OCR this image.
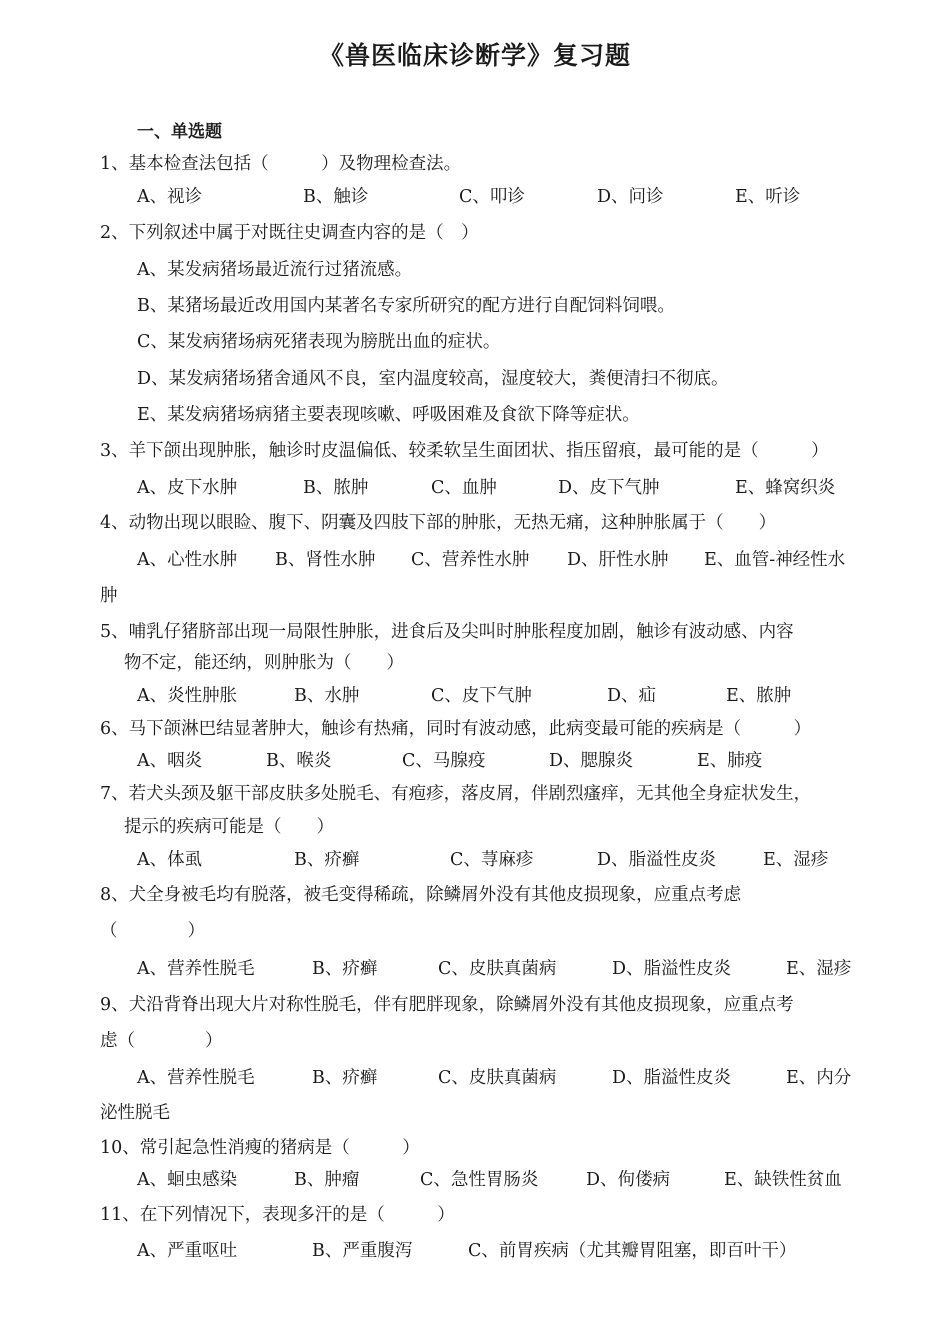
《兽医临床诊断学》复习题
一、单选题
1、基本检查法包括（　　　）及物理检查法。
A、视诊	B、触诊	C、叩诊	D、问诊	E、听诊
2、下列叙述中属于对既往史调查内容的是（　）
A、某发病猪场最近流行过猪流感。
B、某猪场最近改用国内某著名专家所研究的配方进行自配饲料饲喂。
C、某发病猪场病死猪表现为膀胱出血的症状。
D、某发病猪场猪舍通风不良，室内温度较高，湿度较大，粪便清扫不彻底。
E、某发病猪场病猪主要表现咳嗽、呼吸困难及食欲下降等症状。
3、羊下颌出现肿胀，触诊时皮温偏低、较柔软呈生面团状、指压留痕，最可能的是（　　　）
A、皮下水肿	B、脓肿	C、血肿	D、皮下气肿	E、蜂窝织炎
4、动物出现以眼睑、腹下、阴囊及四肢下部的肿胀，无热无痛，这种肿胀属于（　　）
A、心性水肿 B、肾性水肿 C、营养性水肿 D、肝性水肿 E、血管-神经性水
肿
5、哺乳仔猪脐部出现一局限性肿胀，进食后及尖叫时肿胀程度加剧，触诊有波动感、内容
物不定，能还纳，则肿胀为（　　）
A、炎性肿胀	B、水肿	C、皮下气肿	D、疝	E、脓肿
6、马下颌淋巴结显著肿大，触诊有热痛，同时有波动感，此病变最可能的疾病是（　　　）
A、咽炎	B、喉炎	C、马腺疫	D、腮腺炎	E、肺疫
7、若犬头颈及躯干部皮肤多处脱毛、有疱疹，落皮屑，伴剧烈瘙痒，无其他全身症状发生，
提示的疾病可能是（　　）
A、体虱	B、疥癣	C、荨麻疹	D、脂溢性皮炎	E、湿疹
8、犬全身被毛均有脱落，被毛变得稀疏，除鳞屑外没有其他皮损现象，应重点考虑
（　　　　）
A、营养性脱毛	B、疥癣	C、皮肤真菌病	D、脂溢性皮炎	E、湿疹
9、犬沿背脊出现大片对称性脱毛，伴有肥胖现象，除鳞屑外没有其他皮损现象，应重点考
虑（　　　　）
A、营养性脱毛	B、疥癣	C、皮肤真菌病	D、脂溢性皮炎	E、内分
泌性脱毛
10、常引起急性消瘦的猪病是（　　　）
A、蛔虫感染	B、肿瘤	C、急性胃肠炎	D、佝偻病	E、缺铁性贫血
11、在下列情况下，表现多汗的是（　　　）
A、严重呕吐	B、严重腹泻	C、前胃疾病（尤其瓣胃阻塞，即百叶干）
